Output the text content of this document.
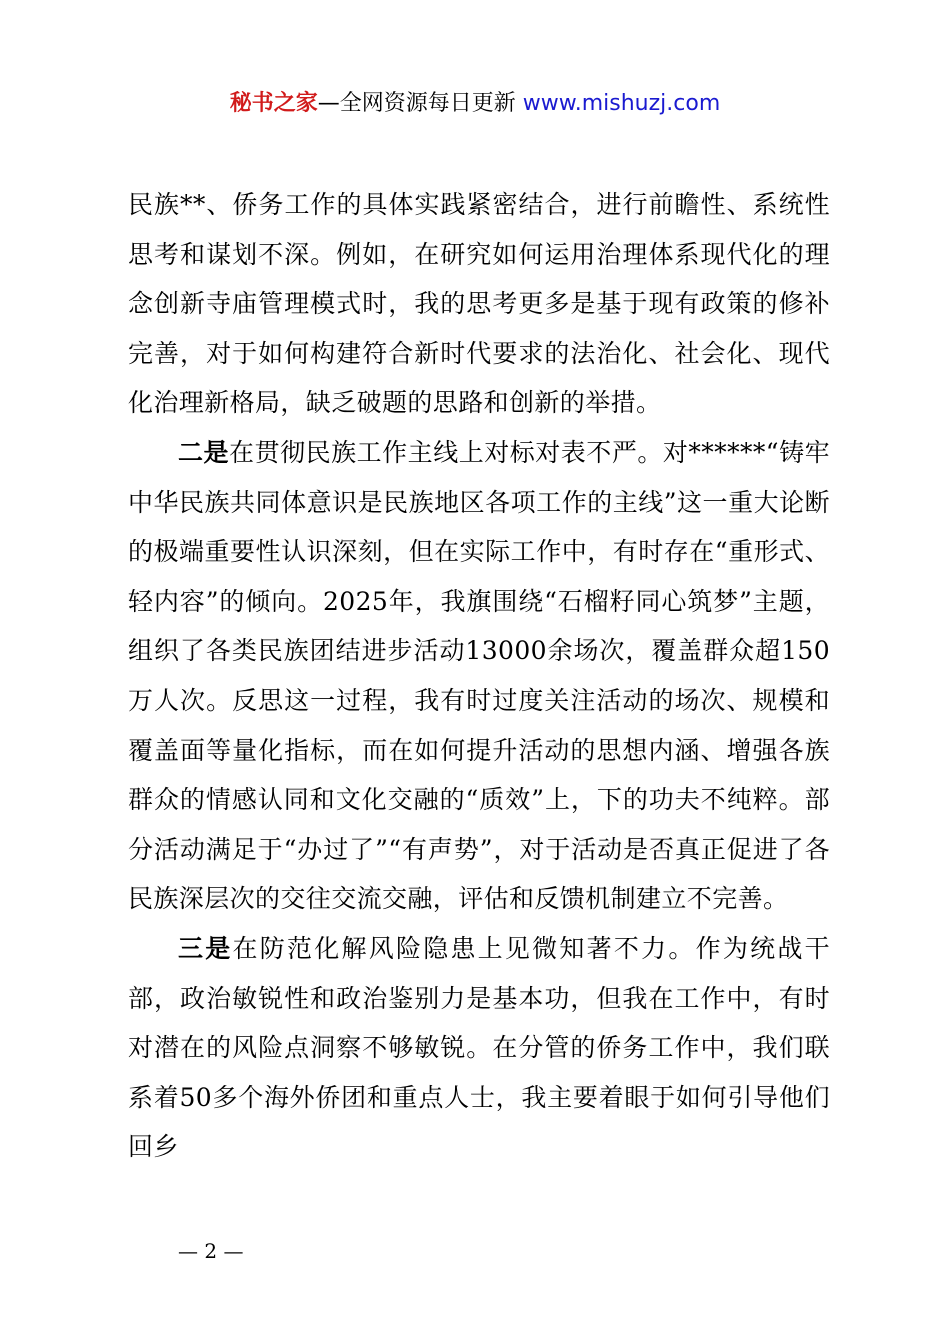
秘书之家—全网资源每日更新 www.mishuzj.com

民族**、侨务工作的具体实践紧密结合，进行前瞻性、系统性思考和谋划不深。例如，在研究如何运用治理体系现代化的理念创新寺庙管理模式时，我的思考更多是基于现有政策的修补完善，对于如何构建符合新时代要求的法治化、社会化、现代化治理新格局，缺乏破题的思路和创新的举措。

二是在贯彻民族工作主线上对标对表不严。对******“铸牢中华民族共同体意识是民族地区各项工作的主线”这一重大论断的极端重要性认识深刻，但在实际工作中，有时存在“重形式、轻内容”的倾向。2025年，我旗围绕“石榴籽同心筑梦”主题，组织了各类民族团结进步活动13000余场次，覆盖群众超150万人次。反思这一过程，我有时过度关注活动的场次、规模和覆盖面等量化指标，而在如何提升活动的思想内涵、增强各族群众的情感认同和文化交融的“质效”上，下的功夫不纯粹。部分活动满足于“办过了”“有声势”，对于活动是否真正促进了各民族深层次的交往交流交融，评估和反馈机制建立不完善。

三是在防范化解风险隐患上见微知著不力。作为统战干部，政治敏锐性和政治鉴别力是基本功，但我在工作中，有时对潜在的风险点洞察不够敏锐。在分管的侨务工作中，我们联系着50多个海外侨团和重点人士，我主要着眼于如何引导他们回乡

— 2 —
